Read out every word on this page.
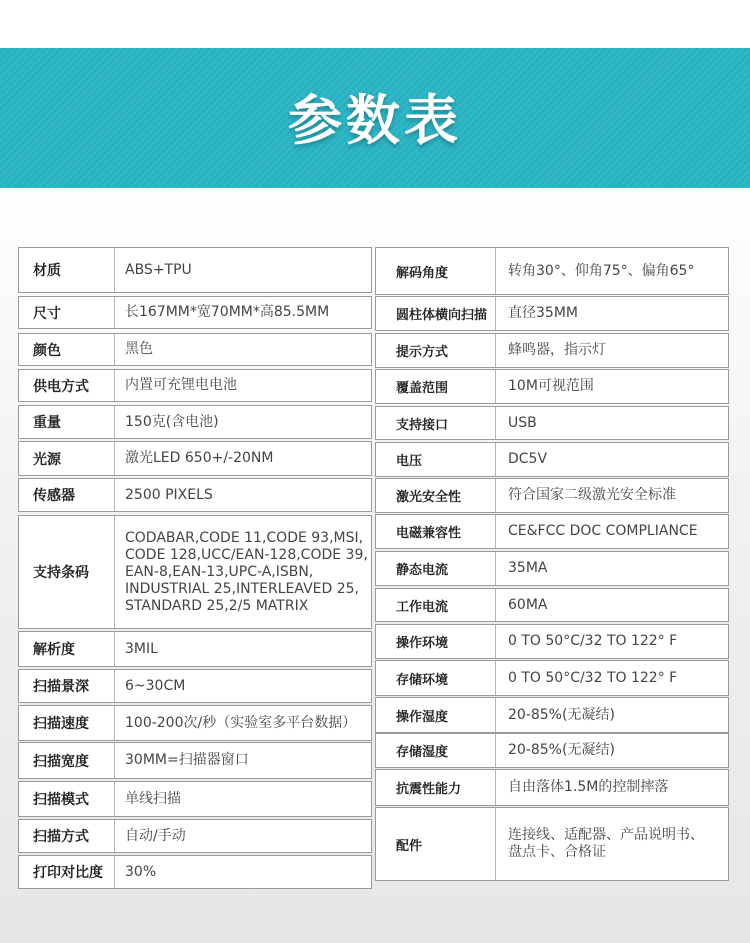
参数表
材质	ABS+TPU
尺寸	长167MM*宽70MM*高85.5MM
颜色	黑色
供电方式	内置可充锂电电池
重量	150克(含电池)
光源	激光LED 650+/-20NM
传感器	2500 PIXELS
支持条码
CODABAR,CODE 11,CODE 93,MSI,
CODE 128,UCC/EAN-128,CODE 39,
EAN-8,EAN-13,UPC-A,ISBN,
INDUSTRIAL 25,INTERLEAVED 25,
STANDARD 25,2/5 MATRIX
解析度	3MIL
扫描景深	6~30CM
扫描速度	100-200次/秒（实验室多平台数据）
扫描宽度	30MM=扫描器窗口
扫描模式	单线扫描
扫描方式	自动/手动
打印对比度	30%
解码角度	转角30°、仰角75°、偏角65°
圆柱体横向扫描	直径35MM
提示方式	蜂鸣器，指示灯
覆盖范围	10M可视范围
支持接口	USB
电压	DC5V
激光安全性	符合国家二级激光安全标准
电磁兼容性	CE&FCC DOC COMPLIANCE
静态电流	35MA
工作电流	60MA
操作环境	0 TO 50°C/32 TO 122° F
存储环境	0 TO 50°C/32 TO 122° F
操作湿度	20-85%(无凝结)
存储湿度	20-85%(无凝结)
抗震性能力	自由落体1.5M的控制摔落
配件
连接线、适配器、产品说明书、
盘点卡、合格证
